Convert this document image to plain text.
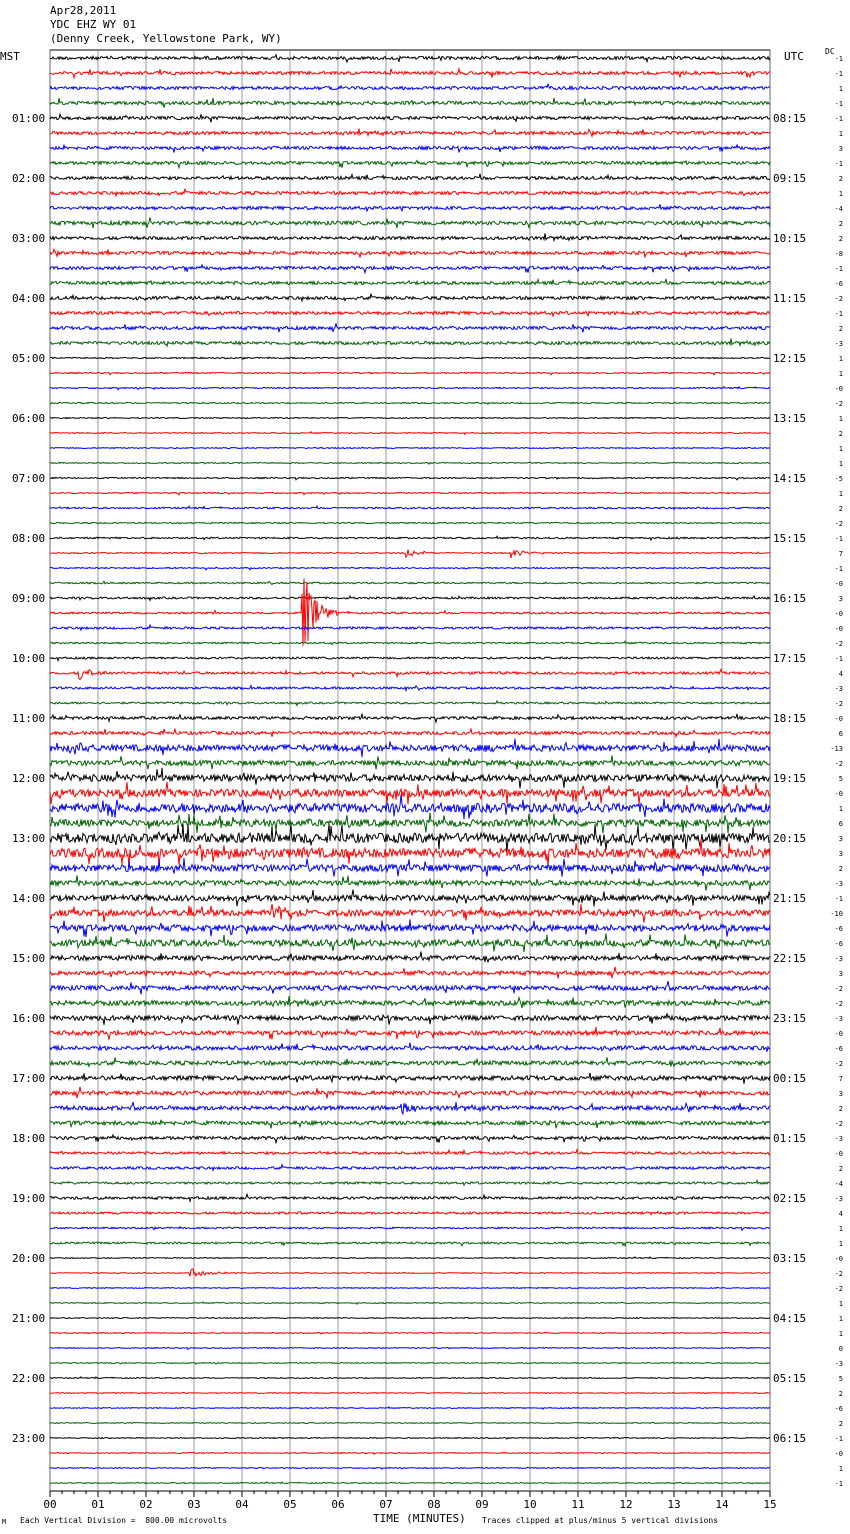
Apr28,2011
YDC EHZ WY 01
(Denny Creek, Yellowstone Park, WY)
MST	UTC	DC
00	01	02	03	04	05	06	07	08	09	10	11	12	13	14	15
01:00
02:00
03:00
04:00
05:00
06:00
07:00
08:00
09:00
10:00
11:00
12:00
13:00
14:00
15:00
16:00
17:00
18:00
19:00
20:00
21:00
22:00
23:00
08:15
09:15
10:15
11:15
12:15
13:15
14:15
15:15
16:15
17:15
18:15
19:15
20:15
21:15
22:15
23:15
00:15
01:15
02:15
03:15
04:15
05:15
06:15
-1
-1
1
-1
-1
1
3
-1
2
1
-4
2
2
-8
-1
-6
-2
-1
2
-3
1
1
-0
-2
1
2
1
1
-5
1
2
-2
-1
7
-1
-0
3
-0
-0
-2
-1
4
-3
-2
-0
6
-13
-2
5
-0
1
6
3
3
2
-3
-1
-10
-6
-6
-3
3
-2
-2
-3
-0
-6
-2
7
3
2
-2
-3
-0
2
-4
-3
4
1
1
-0
-2
-2
1
1
1
0
-3
5
2
-6
2
-1
-0
1
-1
TIME (MINUTES)
M Each Vertical Division =  800.00 microvolts	Traces clipped at plus/minus 5 vertical divisions
